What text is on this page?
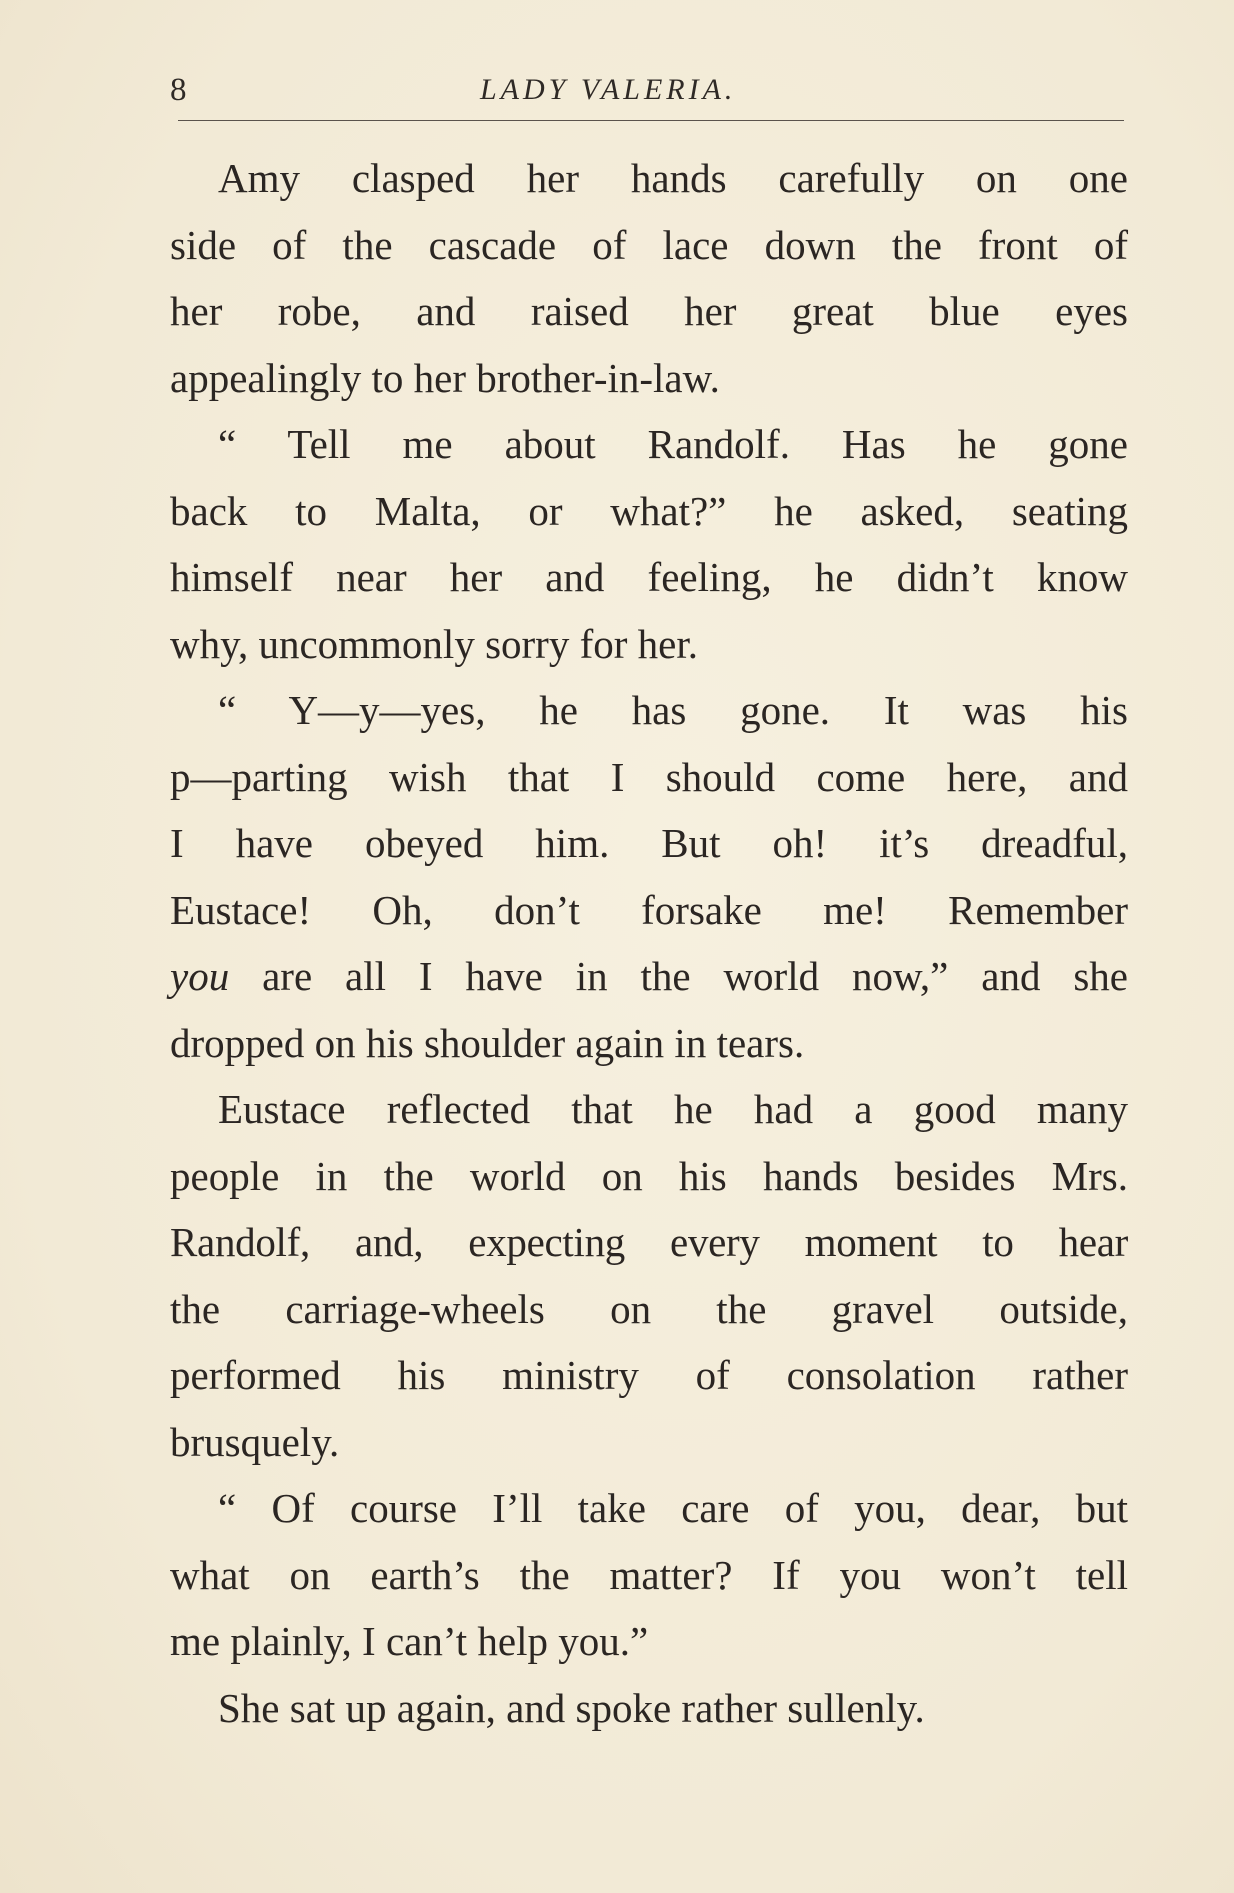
8	LADY VALERIA.
Amy clasped her hands carefully on one
side of the cascade of lace down the front of
her robe, and raised her great blue eyes
appealingly to her brother-in-law.
“ Tell me about Randolf. Has he gone
back to Malta, or what?” he asked, seating
himself near her and feeling, he didn’t know
why, uncommonly sorry for her.
“ Y—y—yes, he has gone. It was his
p—parting wish that I should come here, and
I have obeyed him. But oh! it’s dreadful,
Eustace! Oh, don’t forsake me! Remember
you are all I have in the world now,” and she
dropped on his shoulder again in tears.
Eustace reflected that he had a good many
people in the world on his hands besides Mrs.
Randolf, and, expecting every moment to hear
the carriage-wheels on the gravel outside,
performed his ministry of consolation rather
brusquely.
“ Of course I’ll take care of you, dear, but
what on earth’s the matter? If you won’t tell
me plainly, I can’t help you.”
She sat up again, and spoke rather sullenly.
